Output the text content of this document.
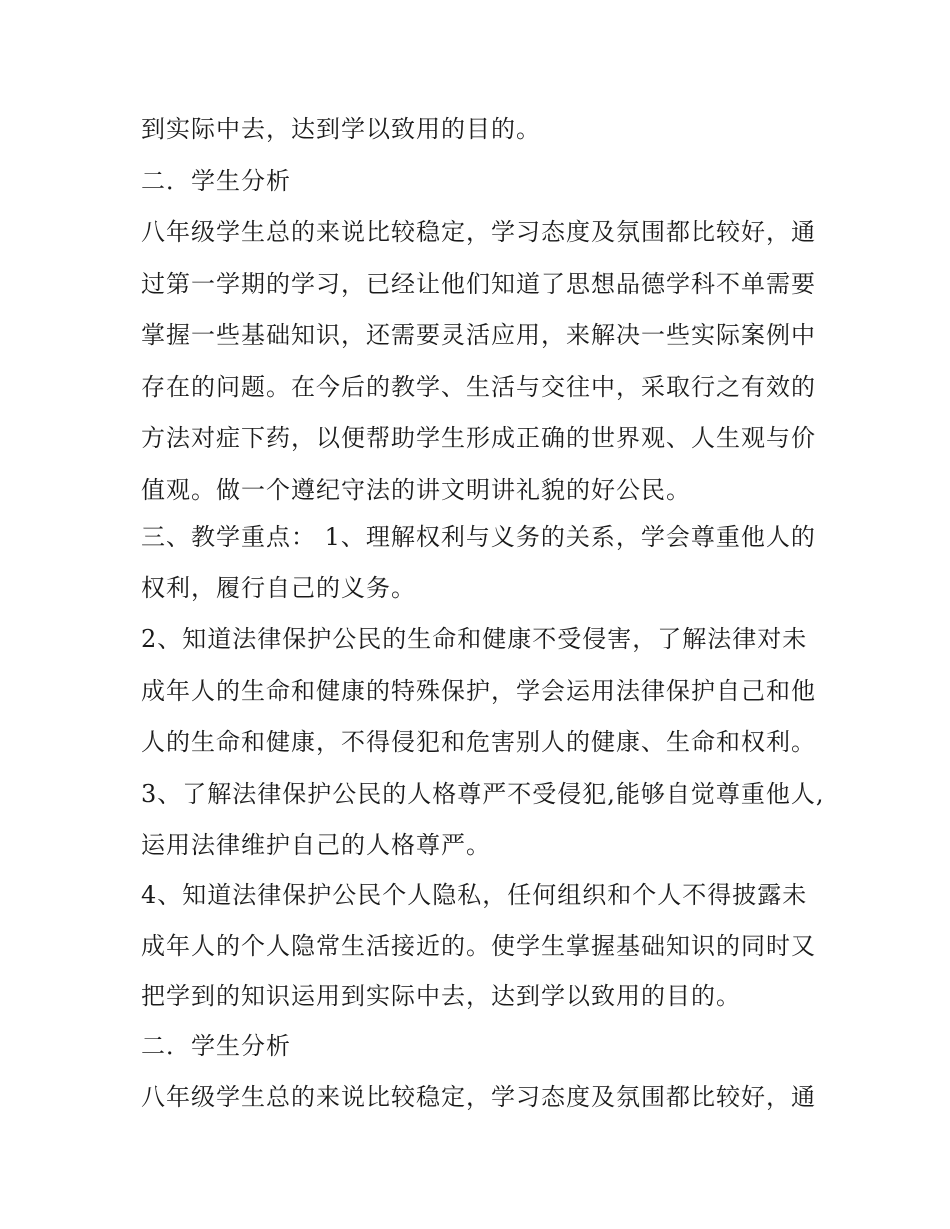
到实际中去，达到学以致用的目的。
二．学生分析
八年级学生总的来说比较稳定，学习态度及氛围都比较好，通
过第一学期的学习，已经让他们知道了思想品德学科不单需要
掌握一些基础知识，还需要灵活应用，来解决一些实际案例中
存在的问题。在今后的教学、生活与交往中，采取行之有效的
方法对症下药，以便帮助学生形成正确的世界观、人生观与价
值观。做一个遵纪守法的讲文明讲礼貌的好公民。
三、教学重点： 1、理解权利与义务的关系，学会尊重他人的
权利，履行自己的义务。
2、知道法律保护公民的生命和健康不受侵害，了解法律对未
成年人的生命和健康的特殊保护，学会运用法律保护自己和他
人的生命和健康，不得侵犯和危害别人的健康、生命和权利。
3、了解法律保护公民的人格尊严不受侵犯,能够自觉尊重他人,
运用法律维护自己的人格尊严。
4、知道法律保护公民个人隐私，任何组织和个人不得披露未
成年人的个人隐常生活接近的。使学生掌握基础知识的同时又
把学到的知识运用到实际中去，达到学以致用的目的。
二．学生分析
八年级学生总的来说比较稳定，学习态度及氛围都比较好，通
